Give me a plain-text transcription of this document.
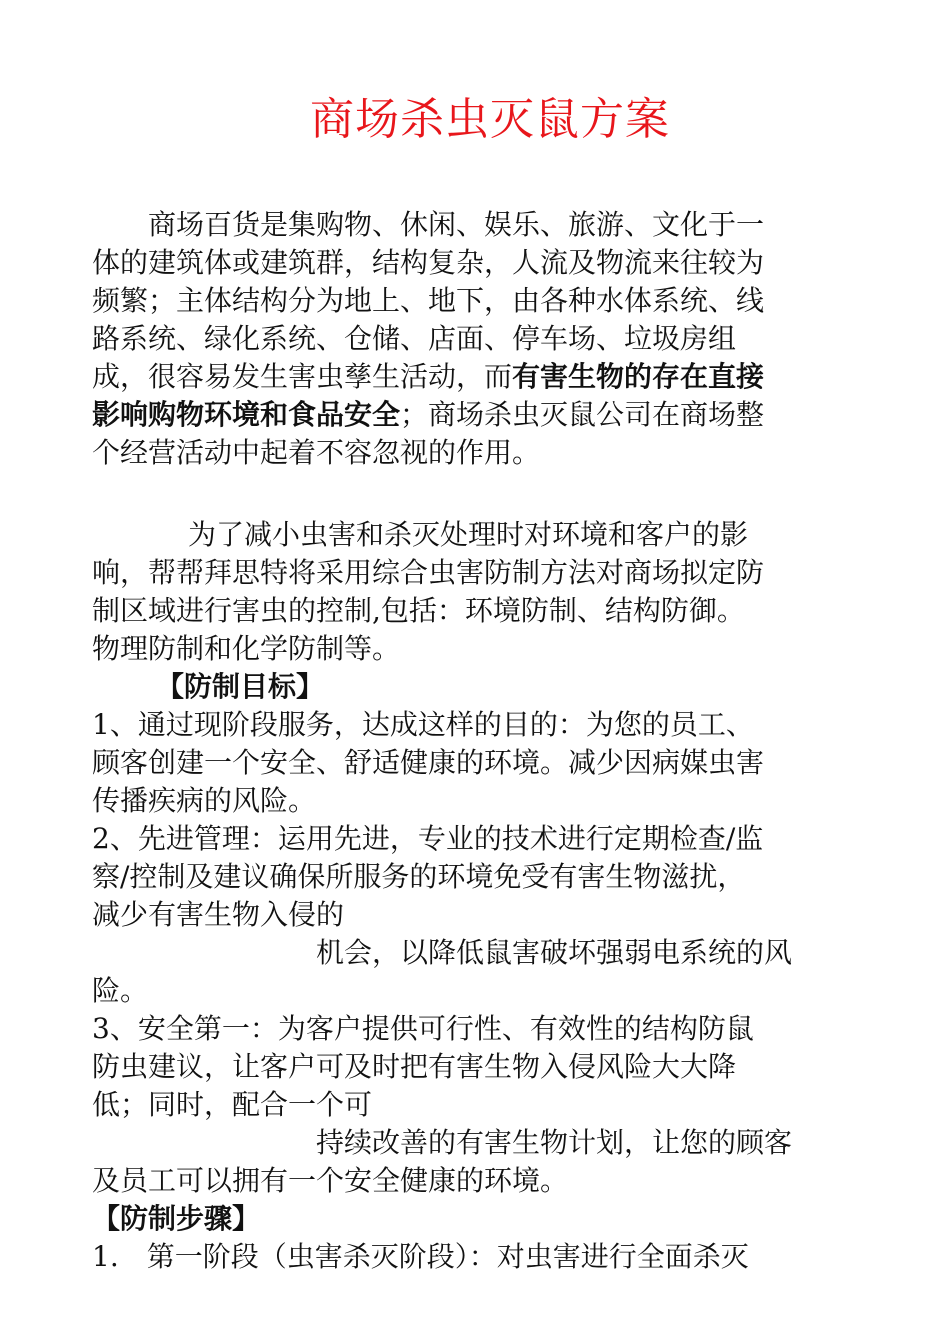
商场杀虫灭鼠方案
商场百货是集购物、休闲、娱乐、旅游、文化于一
体的建筑体或建筑群，结构复杂，人流及物流来往较为
频繁；主体结构分为地上、地下，由各种水体系统、线
路系统、绿化系统、仓储、店面、停车场、垃圾房组
成，很容易发生害虫孳生活动，而有害生物的存在直接
影响购物环境和食品安全；商场杀虫灭鼠公司在商场整
个经营活动中起着不容忽视的作用。
为了减小虫害和杀灭处理时对环境和客户的影
响，帮帮拜思特将采用综合虫害防制方法对商场拟定防
制区域进行害虫的控制,包括：环境防制、结构防御。
物理防制和化学防制等。
【防制目标】
1、通过现阶段服务，达成这样的目的：为您的员工、
顾客创建一个安全、舒适健康的环境。减少因病媒虫害
传播疾病的风险。
2、先进管理：运用先进，专业的技术进行定期检查/监
察/控制及建议确保所服务的环境免受有害生物滋扰，
减少有害生物入侵的
机会，以降低鼠害破坏强弱电系统的风
险。
3、安全第一：为客户提供可行性、有效性的结构防鼠
防虫建议，让客户可及时把有害生物入侵风险大大降
低；同时，配合一个可
持续改善的有害生物计划，让您的顾客
及员工可以拥有一个安全健康的环境。
【防制步骤】
1.　第一阶段（虫害杀灭阶段）：对虫害进行全面杀灭
